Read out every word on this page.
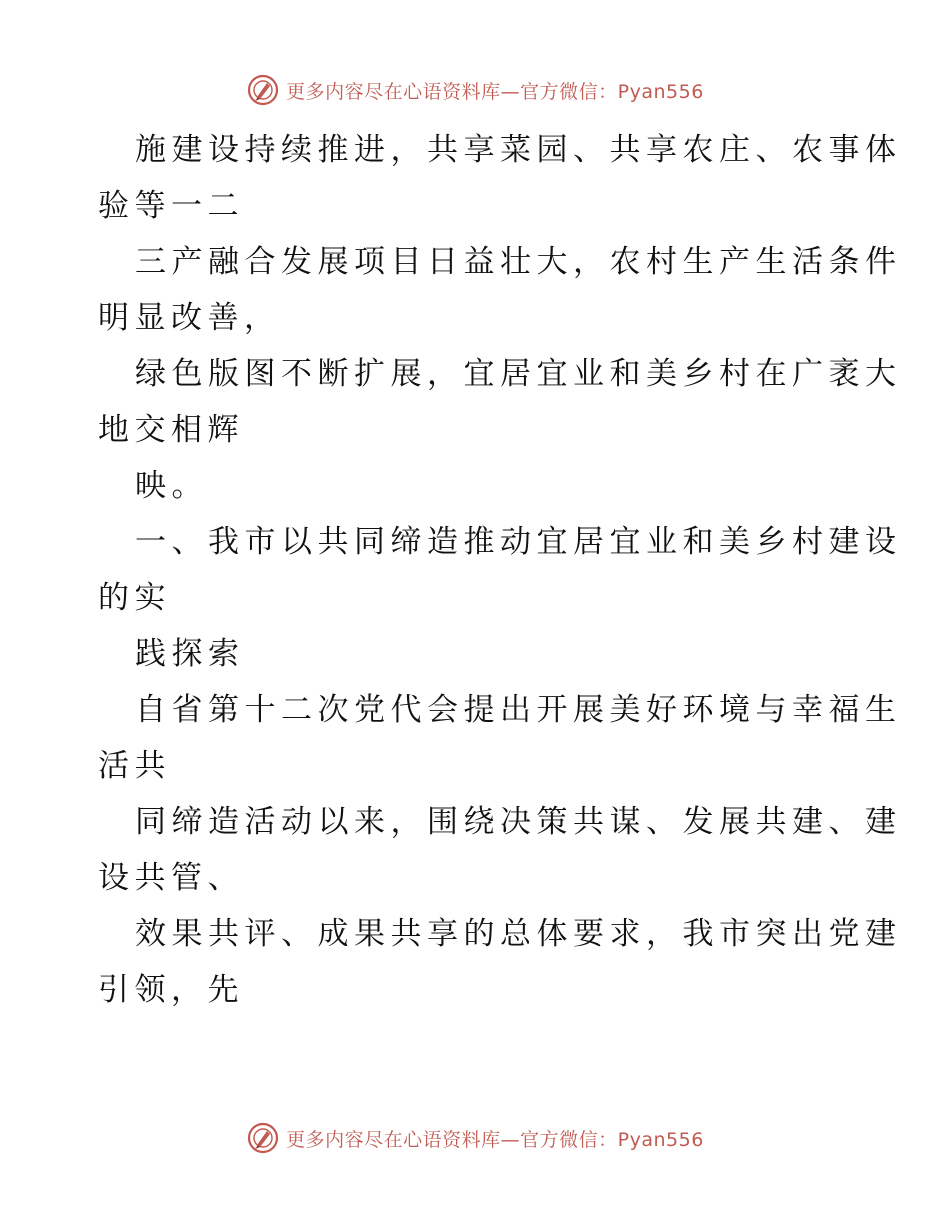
更多内容尽在心语资料库—官方微信：Pyan556
施建设持续推进，共享菜园、共享农庄、农事体
验等一二
三产融合发展项目日益壮大，农村生产生活条件
明显改善，
绿色版图不断扩展，宜居宜业和美乡村在广袤大
地交相辉
映。
一、我市以共同缔造推动宜居宜业和美乡村建设
的实
践探索
自省第十二次党代会提出开展美好环境与幸福生
活共
同缔造活动以来，围绕决策共谋、发展共建、建
设共管、
效果共评、成果共享的总体要求，我市突出党建
引领，先
更多内容尽在心语资料库—官方微信：Pyan556
